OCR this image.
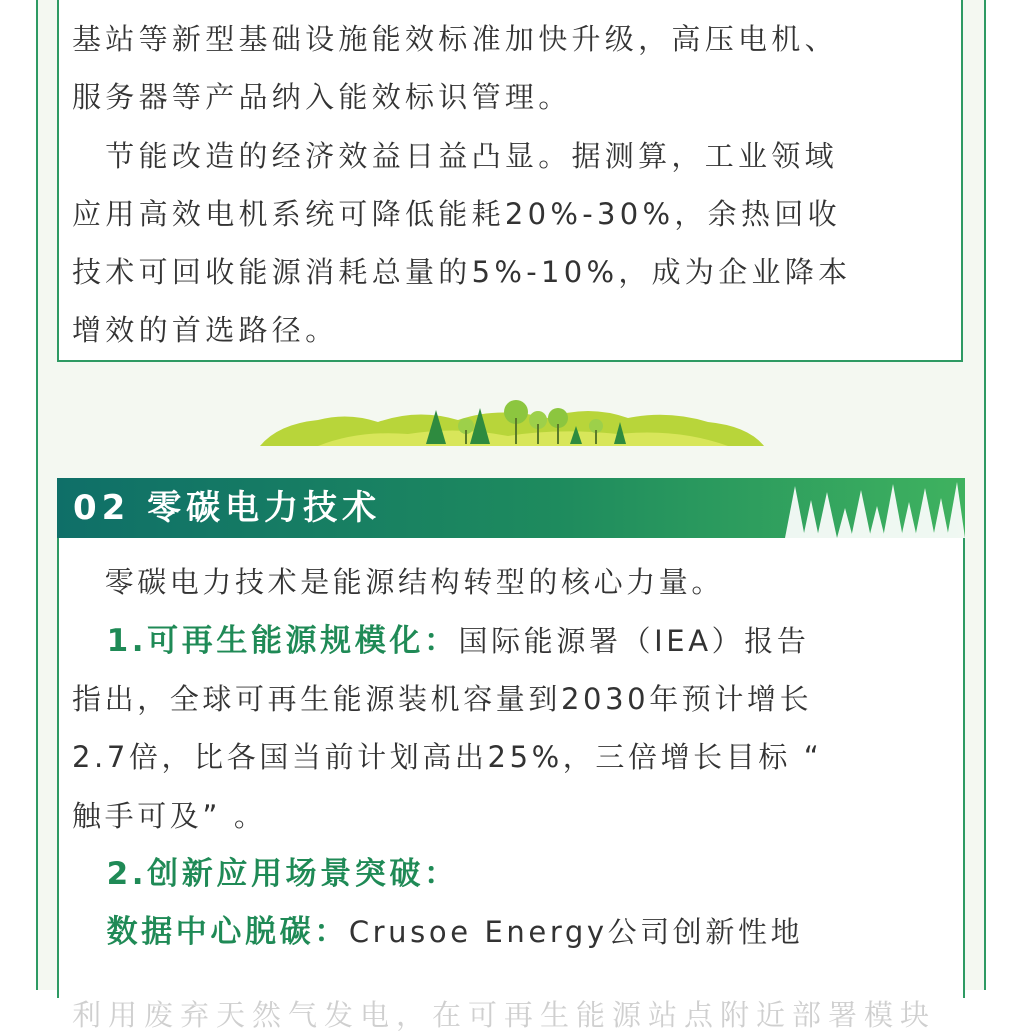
基站等新型基础设施能效标准加快升级，高压电机、

服务器等产品纳入能效标识管理。

　节能改造的经济效益日益凸显。据测算，工业领域

应用高效电机系统可降低能耗20%-30%，余热回收

技术可回收能源消耗总量的5%-10%，成为企业降本

增效的首选路径。

02 零碳电力技术

　零碳电力技术是能源结构转型的核心力量。

　1.可再生能源规模化：国际能源署（IEA）报告

指出，全球可再生能源装机容量到2030年预计增长

2.7倍，比各国当前计划高出25%，三倍增长目标 “

触手可及” 。

　2.创新应用场景突破：

　数据中心脱碳：Crusoe Energy公司创新性地

利用废弃天然气发电，在可再生能源站点附近部署模块
